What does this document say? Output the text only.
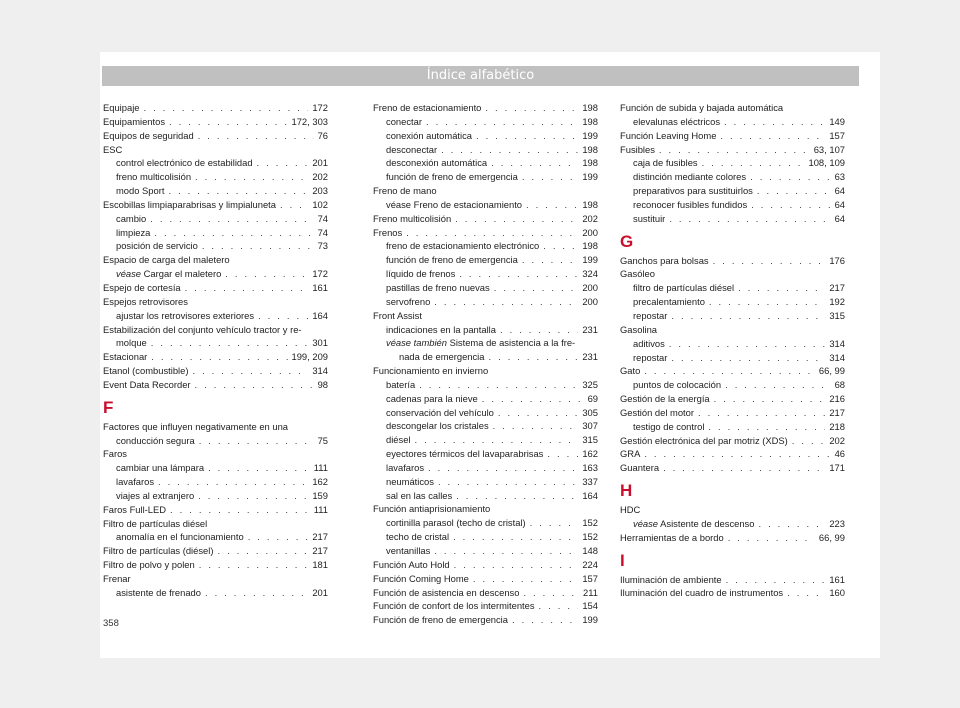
Índice alfabético
Equipaje . . .	172
Equipamientos . . .	172, 303
Equipos de seguridad . . .	76
ESC
control electrónico de estabilidad . . .	201
freno multicolisión . . .	202
modo Sport . . .	203
Escobillas limpiaparabrisas y limpialuneta . . .	102
cambio . . .	74
limpieza . . .	74
posición de servicio . . .	73
Espacio de carga del maletero
véase Cargar el maletero . . .	172
Espejo de cortesía . . .	161
Espejos retrovisores
ajustar los retrovisores exteriores . . .	164
Estabilización del conjunto vehículo tractor y re-
molque . . .	301
Estacionar . . .	199, 209
Etanol (combustible) . . .	314
Event Data Recorder . . .	98
F
Factores que influyen negativamente en una
conducción segura . . .	75
Faros
cambiar una lámpara . . .	111
lavafaros . . .	162
viajes al extranjero . . .	159
Faros Full-LED . . .	111
Filtro de partículas diésel
anomalía en el funcionamiento . . .	217
Filtro de partículas (diésel) . . .	217
Filtro de polvo y polen . . .	181
Frenar
asistente de frenado . . .	201
Freno de estacionamiento . . .	198
conectar . . .	198
conexión automática . . .	199
desconectar . . .	198
desconexión automática . . .	198
función de freno de emergencia . . .	199
Freno de mano
véase Freno de estacionamiento . . .	198
Freno multicolisión . . .	202
Frenos . . .	200
freno de estacionamiento electrónico . . .	198
función de freno de emergencia . . .	199
líquido de frenos . . .	324
pastillas de freno nuevas . . .	200
servofreno . . .	200
Front Assist
indicaciones en la pantalla . . .	231
véase también Sistema de asistencia a la fre-
nada de emergencia . . .	231
Funcionamiento en invierno
batería . . .	325
cadenas para la nieve . . .	69
conservación del vehículo . . .	305
descongelar los cristales . . .	307
diésel . . .	315
eyectores térmicos del lavaparabrisas . . .	162
lavafaros . . .	163
neumáticos . . .	337
sal en las calles . . .	164
Función antiaprisionamiento
cortinilla parasol (techo de cristal) . . .	152
techo de cristal . . .	152
ventanillas . . .	148
Función Auto Hold . . .	224
Función Coming Home . . .	157
Función de asistencia en descenso . . .	211
Función de confort de los intermitentes . . .	154
Función de freno de emergencia . . .	199
Función de subida y bajada automática
elevalunas eléctricos . . .	149
Función Leaving Home . . .	157
Fusibles . . .	63, 107
caja de fusibles . . .	108, 109
distinción mediante colores . . .	63
preparativos para sustituirlos . . .	64
reconocer fusibles fundidos . . .	64
sustituir . . .	64
G
Ganchos para bolsas . . .	176
Gasóleo
filtro de partículas diésel . . .	217
precalentamiento . . .	192
repostar . . .	315
Gasolina
aditivos . . .	314
repostar . . .	314
Gato . . .	66, 99
puntos de colocación . . .	68
Gestión de la energía . . .	216
Gestión del motor . . .	217
testigo de control . . .	218
Gestión electrónica del par motriz (XDS) . . .	202
GRA . . .	46
Guantera . . .	171
H
HDC
véase Asistente de descenso . . .	223
Herramientas de a bordo . . .	66, 99
I
Iluminación de ambiente . . .	161
Iluminación del cuadro de instrumentos . . .	160
358
